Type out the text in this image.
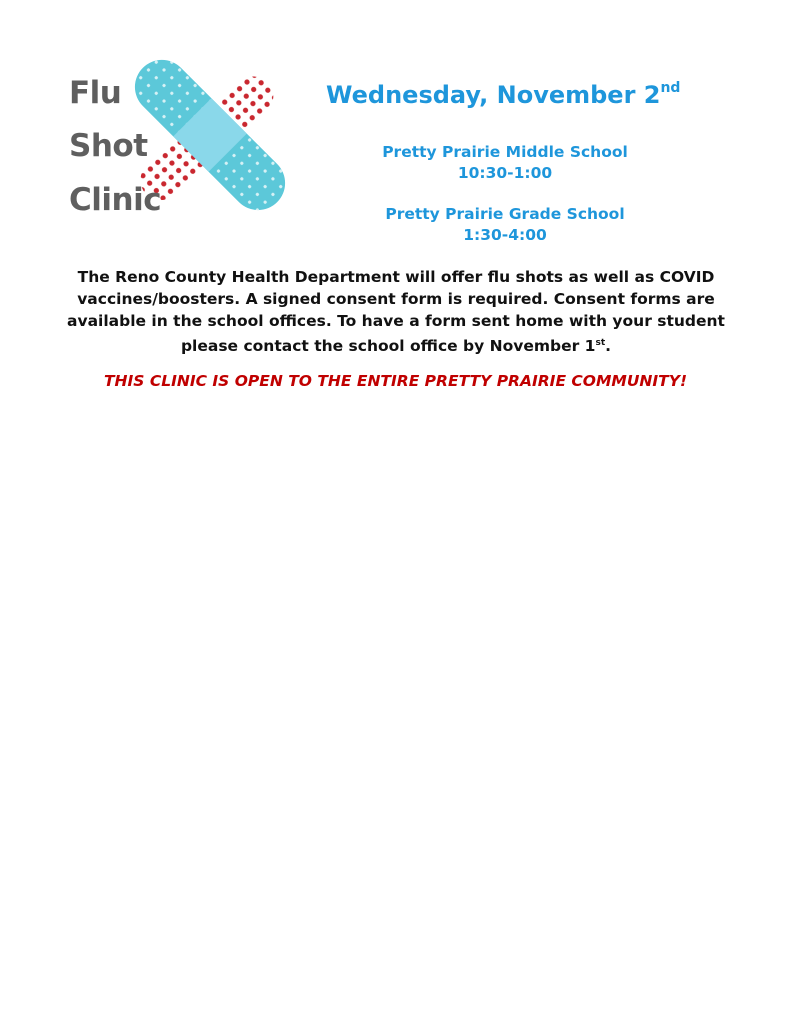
Flu
Shot
Clinic
Wednesday, November 2nd
Pretty Prairie Middle School
10:30-1:00
Pretty Prairie Grade School
1:30-4:00
The Reno County Health Department will offer flu shots as well as COVID vaccines/boosters. A signed consent form is required. Consent forms are available in the school offices. To have a form sent home with your student please contact the school office by November 1st.
THIS CLINIC IS OPEN TO THE ENTIRE PRETTY PRAIRIE COMMUNITY!
